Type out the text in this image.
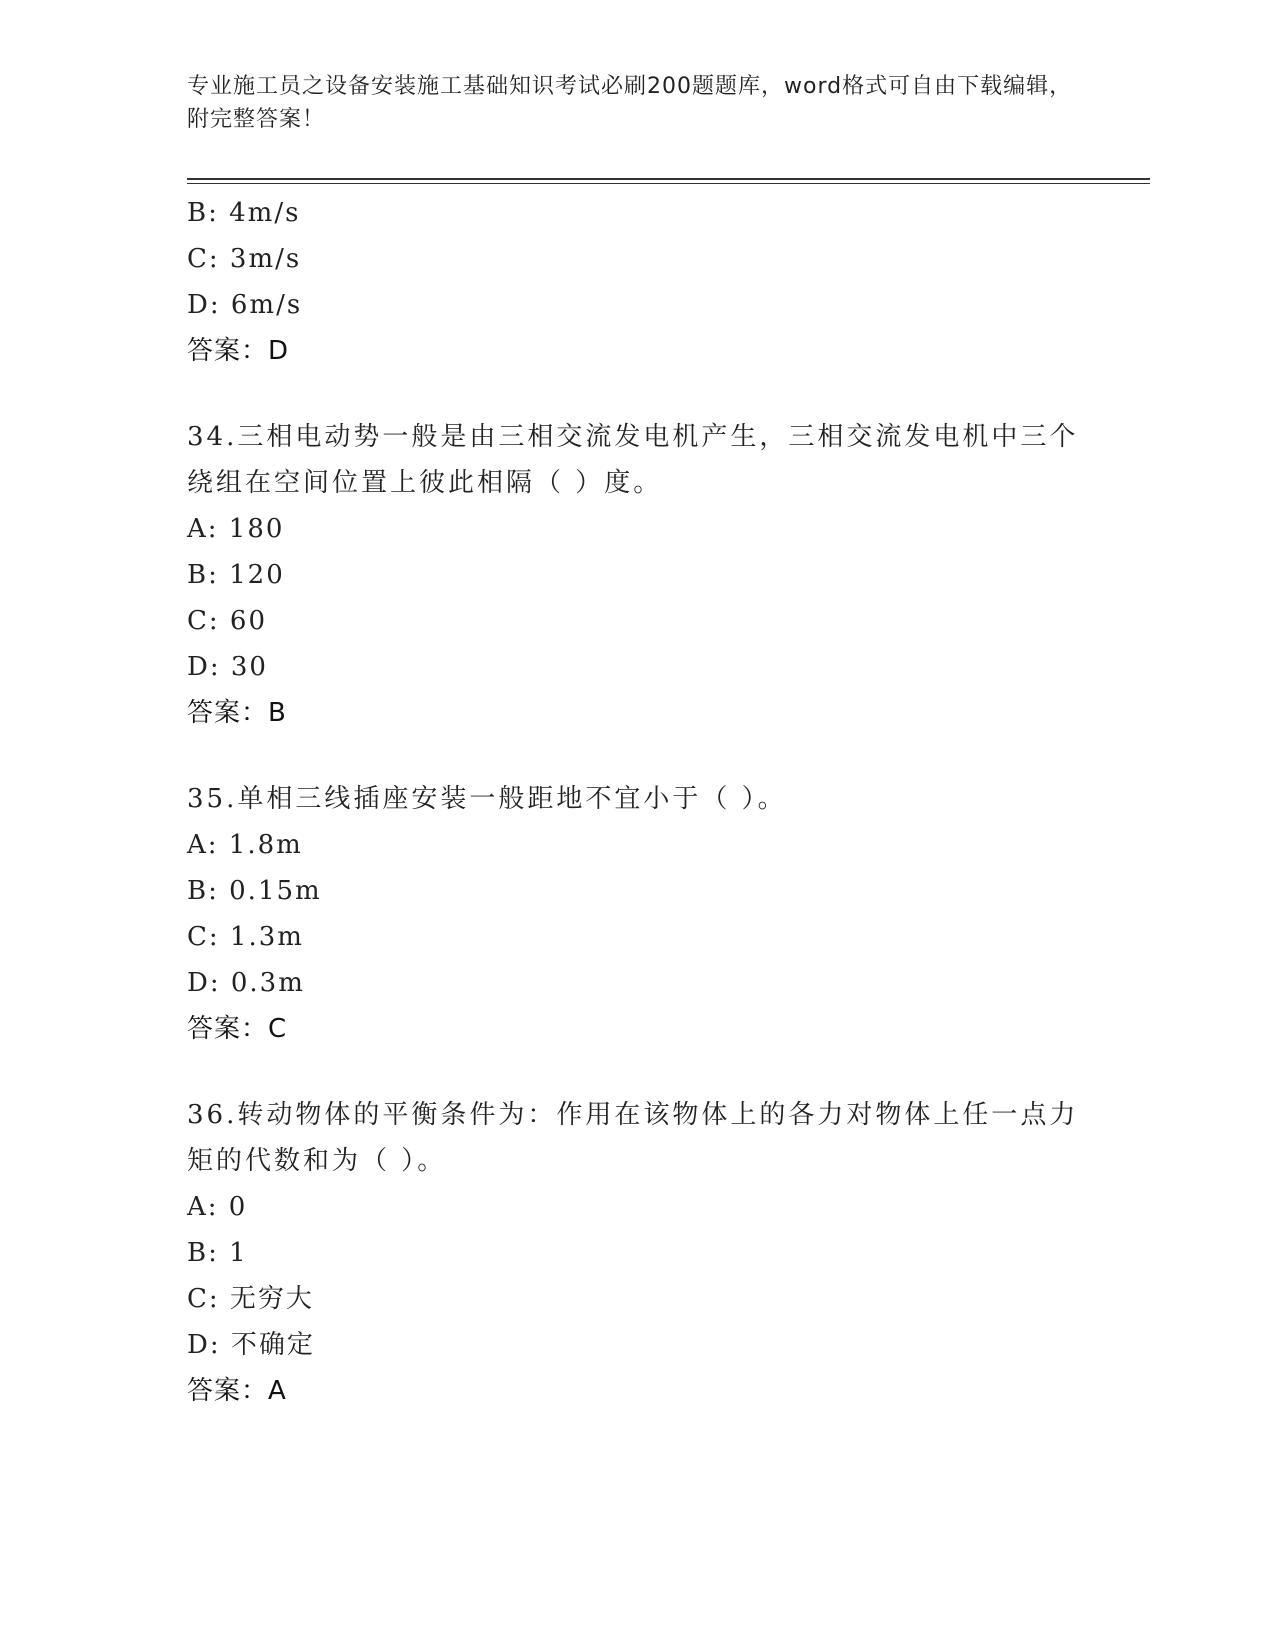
专业施工员之设备安装施工基础知识考试必刷200题题库，word格式可自由下载编辑，附完整答案！
B: 4m/s
C: 3m/s
D: 6m/s
答案：D
34.三相电动势一般是由三相交流发电机产生，三相交流发电机中三个绕组在空间位置上彼此相隔（ ）度。
A: 180
B: 120
C: 60
D: 30
答案：B
35.单相三线插座安装一般距地不宜小于（ ）。
A: 1.8m
B: 0.15m
C: 1.3m
D: 0.3m
答案：C
36.转动物体的平衡条件为：作用在该物体上的各力对物体上任一点力矩的代数和为（ ）。
A: 0
B: 1
C: 无穷大
D: 不确定
答案：A
